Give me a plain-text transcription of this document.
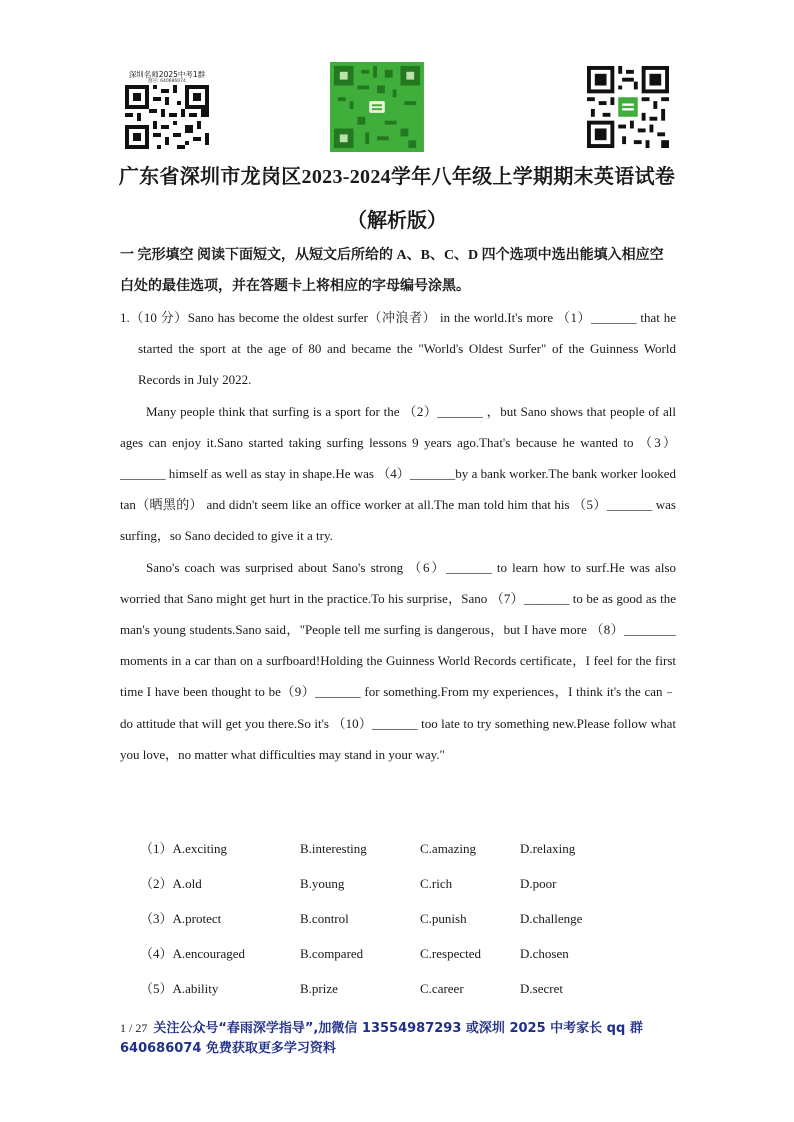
深圳名师2025中考1群
群号: 640686074
广东省深圳市龙岗区2023-2024学年八年级上学期期末英语试卷
（解析版）
一 完形填空 阅读下面短文，从短文后所给的 A、B、C、D 四个选项中选出能填入相应空白处的最佳选项，并在答题卡上将相应的字母编号涂黑。

1.（10 分）Sano has become the oldest surfer（冲浪者） in the world.It's more （1）_______ that he started the sport at the age of 80 and became the "World's Oldest Surfer" of the Guinness World Records in July 2022.

Many people think that surfing is a sport for the （2）_______ ，but Sano shows that people of all ages can enjoy it.Sano started taking surfing lessons 9 years ago.That's because he wanted to （3）_______ himself as well as stay in shape.He was （4）_______by a bank worker.The bank worker looked tan（晒黑的） and didn't seem like an office worker at all.The man told him that his （5）_______ was surfing，so Sano decided to give it a try.

Sano's coach was surprised about Sano's strong （6）_______ to learn how to surf.He was also worried that Sano might get hurt in the practice.To his surprise，Sano （7）_______ to be as good as the man's young students.Sano said，"People tell me surfing is dangerous，but I have more （8）________ moments in a car than on a surfboard!Holding the Guinness World Records certificate，I feel for the first time I have been thought to be（9）_______ for something.From my experiences，I think it's the can﹣do attitude that will get you there.So it's （10）_______ too late to try something new.Please follow what you love，no matter what difficulties may stand in your way."

（1）A.exciting	B.interesting	C.amazing	D.relaxing
（2）A.old	B.young	C.rich	D.poor
（3）A.protect	B.control	C.punish	D.challenge
（4）A.encouraged	B.compared	C.respected	D.chosen
（5）A.ability	B.prize	C.career	D.secret
1 / 27 关注公众号“春雨深学指导”,加微信 13554987293 或深圳 2025 中考家长 qq 群 640686074 免费获取更多学习资料
